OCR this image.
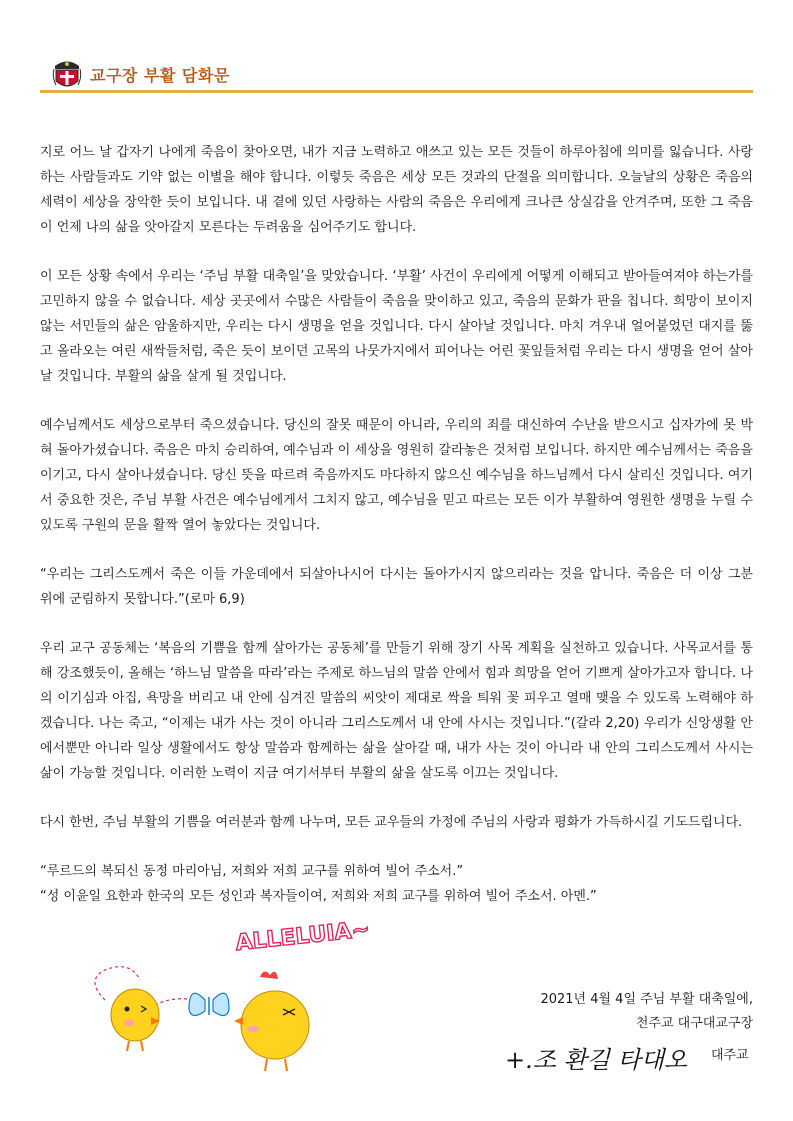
교구장 부활 담화문

지로 어느 날 갑자기 나에게 죽음이 찾아오면, 내가 지금 노력하고 애쓰고 있는 모든 것들이 하루아침에 의미를 잃습니다. 사랑하는 사람들과도 기약 없는 이별을 해야 합니다. 이렇듯 죽음은 세상 모든 것과의 단절을 의미합니다. 오늘날의 상황은 죽음의 세력이 세상을 장악한 듯이 보입니다. 내 곁에 있던 사랑하는 사람의 죽음은 우리에게 크나큰 상실감을 안겨주며, 또한 그 죽음이 언제 나의 삶을 앗아갈지 모른다는 두려움을 심어주기도 합니다.

이 모든 상황 속에서 우리는 ‘주님 부활 대축일’을 맞았습니다. ‘부활’ 사건이 우리에게 어떻게 이해되고 받아들여져야 하는가를 고민하지 않을 수 없습니다. 세상 곳곳에서 수많은 사람들이 죽음을 맞이하고 있고, 죽음의 문화가 판을 칩니다. 희망이 보이지 않는 서민들의 삶은 암울하지만, 우리는 다시 생명을 얻을 것입니다. 다시 살아날 것입니다. 마치 겨우내 얼어붙었던 대지를 뚫고 올라오는 여린 새싹들처럼, 죽은 듯이 보이던 고목의 나뭇가지에서 피어나는 어린 꽃잎들처럼 우리는 다시 생명을 얻어 살아날 것입니다. 부활의 삶을 살게 될 것입니다.

예수님께서도 세상으로부터 죽으셨습니다. 당신의 잘못 때문이 아니라, 우리의 죄를 대신하여 수난을 받으시고 십자가에 못 박혀 돌아가셨습니다. 죽음은 마치 승리하여, 예수님과 이 세상을 영원히 갈라놓은 것처럼 보입니다. 하지만 예수님께서는 죽음을 이기고, 다시 살아나셨습니다. 당신 뜻을 따르려 죽음까지도 마다하지 않으신 예수님을 하느님께서 다시 살리신 것입니다. 여기서 중요한 것은, 주님 부활 사건은 예수님에게서 그치지 않고, 예수님을 믿고 따르는 모든 이가 부활하여 영원한 생명을 누릴 수 있도록 구원의 문을 활짝 열어 놓았다는 것입니다.

“우리는 그리스도께서 죽은 이들 가운데에서 되살아나시어 다시는 돌아가시지 않으리라는 것을 압니다. 죽음은 더 이상 그분 위에 군림하지 못합니다.”(로마 6,9)

우리 교구 공동체는 ‘복음의 기쁨을 함께 살아가는 공동체’를 만들기 위해 장기 사목 계획을 실천하고 있습니다. 사목교서를 통해 강조했듯이, 올해는 ‘하느님 말씀을 따라’라는 주제로 하느님의 말씀 안에서 힘과 희망을 얻어 기쁘게 살아가고자 합니다. 나의 이기심과 아집, 욕망을 버리고 내 안에 심겨진 말씀의 씨앗이 제대로 싹을 틔워 꽃 피우고 열매 맺을 수 있도록 노력해야 하겠습니다. 나는 죽고, “이제는 내가 사는 것이 아니라 그리스도께서 내 안에 사시는 것입니다.”(갈라 2,20) 우리가 신앙생활 안에서뿐만 아니라 일상 생활에서도 항상 말씀과 함께하는 삶을 살아갈 때, 내가 사는 것이 아니라 내 안의 그리스도께서 사시는 삶이 가능할 것입니다. 이러한 노력이 지금 여기서부터 부활의 삶을 살도록 이끄는 것입니다.

다시 한번, 주님 부활의 기쁨을 여러분과 함께 나누며, 모든 교우들의 가정에 주님의 사랑과 평화가 가득하시길 기도드립니다.

“루르드의 복되신 동정 마리아님, 저희와 저희 교구를 위하여 빌어 주소서.”

“성 이윤일 요한과 한국의 모든 성인과 복자들이여, 저희와 저희 교구를 위하여 빌어 주소서. 아멘.”

ALLELUIA~
2021년 4월 4일 주님 부활 대축일에,
천주교 대구대교구장
+.조 환길 타대오 대주교
